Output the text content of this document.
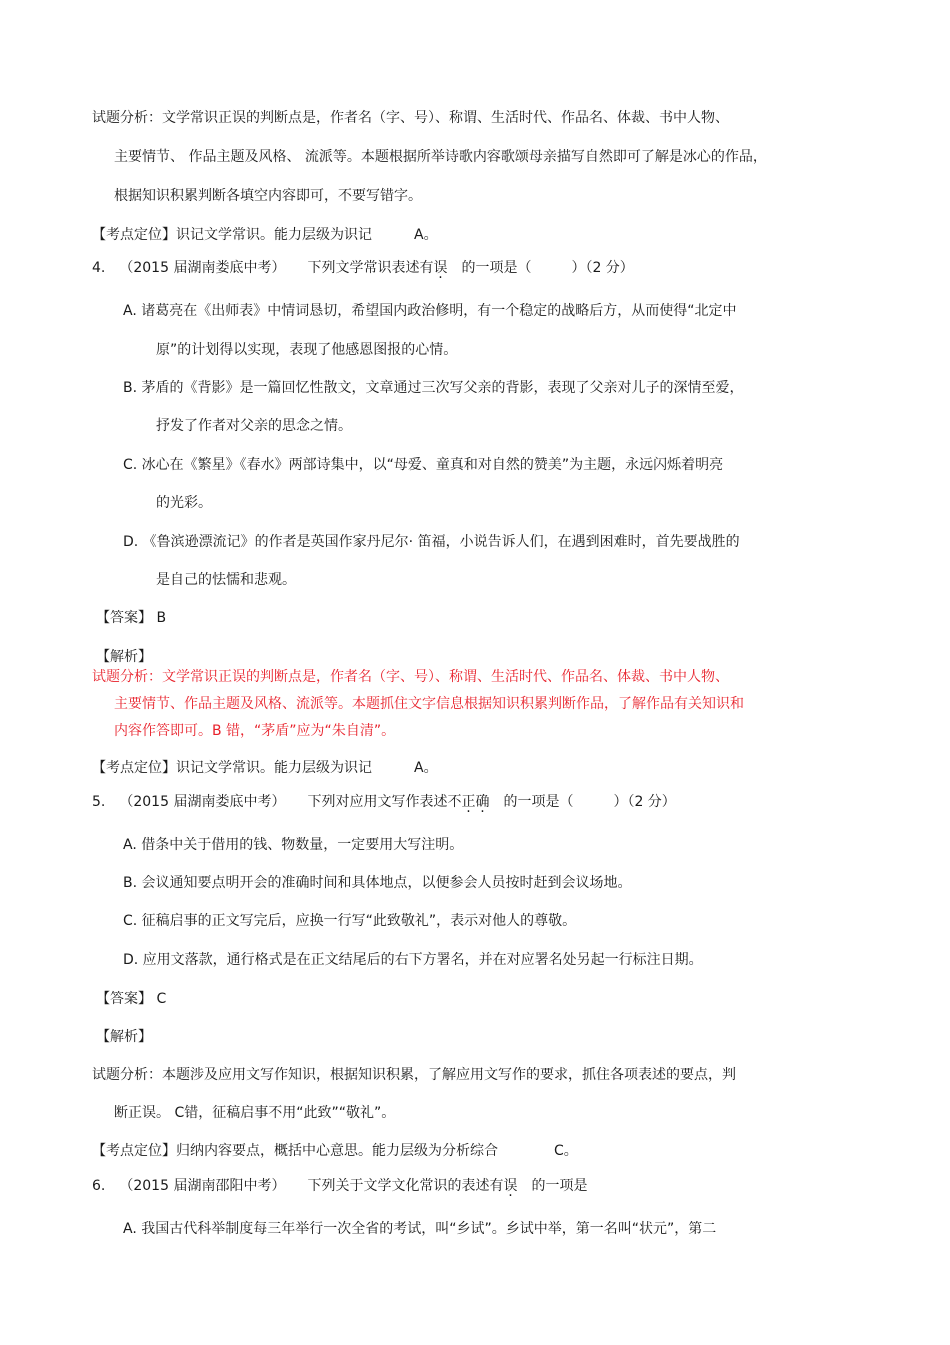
试题分析：文学常识正误的判断点是，作者名（字、号）、称谓、生活时代、作品名、体裁、书中人物、
主要情节、 作品主题及风格、 流派等。本题根据所举诗歌内容歌颂母亲描写自然即可了解是冰心的作品，
根据知识积累判断各填空内容即可，不要写错字。
【考点定位】识记文学常识。能力层级为识记	A。
4. （2015 届湖南娄底中考） 下列文学常识表述有误 的一项是（	）（2 分）
A. 诸葛亮在《出师表》中情词恳切，希望国内政治修明，有一个稳定的战略后方，从而使得“北定中
原”的计划得以实现，表现了他感恩图报的心情。
B. 茅盾的《背影》是一篇回忆性散文，文章通过三次写父亲的背影，表现了父亲对儿子的深情至爱，
抒发了作者对父亲的思念之情。
C. 冰心在《繁星》《春水》两部诗集中，以“母爱、童真和对自然的赞美”为主题，永远闪烁着明亮
的光彩。
D. 《鲁滨逊漂流记》的作者是英国作家丹尼尔· 笛福，小说告诉人们，在遇到困难时，首先要战胜的
是自己的怯懦和悲观。
【答案】 B
【解析】
试题分析：文学常识正误的判断点是，作者名（字、号）、称谓、生活时代、作品名、体裁、书中人物、
主要情节、作品主题及风格、流派等。本题抓住文字信息根据知识积累判断作品，了解作品有关知识和
内容作答即可。B 错，“茅盾”应为“朱自清”。
【考点定位】识记文学常识。能力层级为识记	A。
5. （2015 届湖南娄底中考） 下列对应用文写作表述不正确 的一项是（	）（2 分）
A. 借条中关于借用的钱、物数量，一定要用大写注明。
B. 会议通知要点明开会的准确时间和具体地点，以便参会人员按时赶到会议场地。
C. 征稿启事的正文写完后，应换一行写“此致敬礼”，表示对他人的尊敬。
D. 应用文落款，通行格式是在正文结尾后的右下方署名，并在对应署名处另起一行标注日期。
【答案】 C
【解析】
试题分析：本题涉及应用文写作知识，根据知识积累，了解应用文写作的要求，抓住各项表述的要点，判
断正误。 C错，征稿启事不用“此致”“敬礼”。
【考点定位】归纳内容要点，概括中心意思。能力层级为分析综合	C。
6. （2015 届湖南邵阳中考） 下列关于文学文化常识的表述有误 的一项是
A. 我国古代科举制度每三年举行一次全省的考试，叫“乡试”。乡试中举，第一名叫“状元”，第二
